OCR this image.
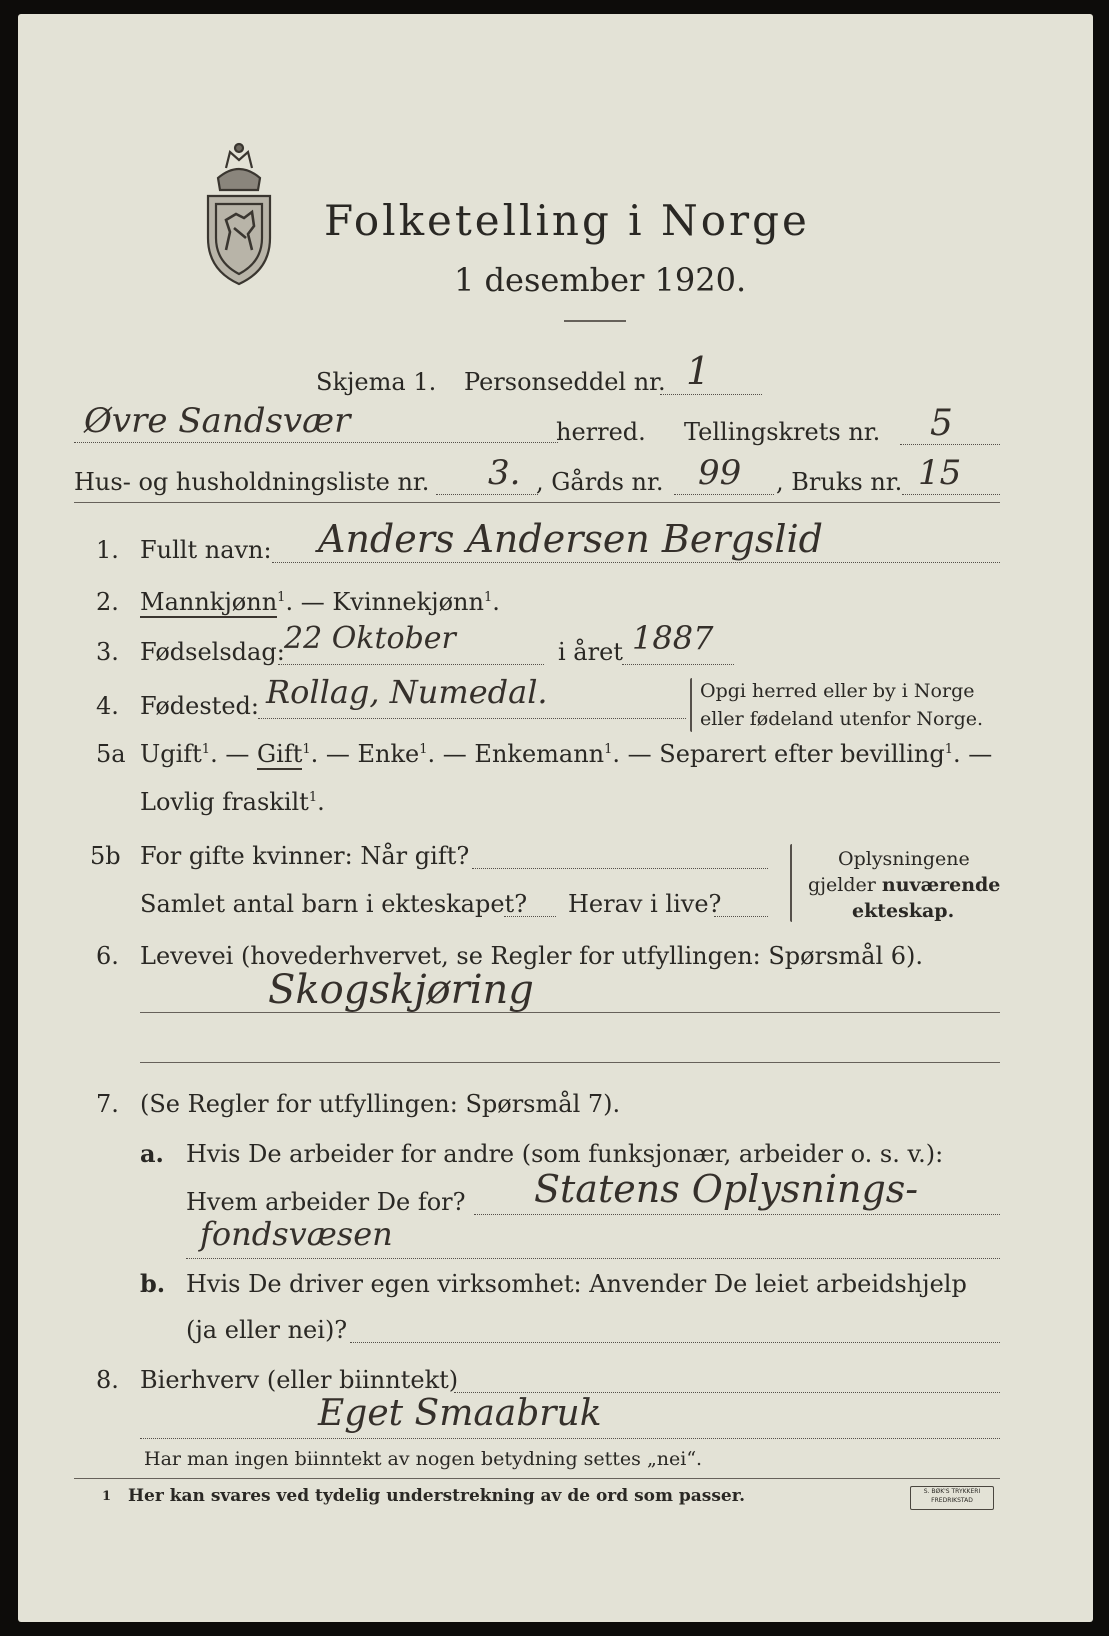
Folketelling i Norge
1 desember 1920.
Skjema 1. Personseddel nr. 1
Øvre Sandsvær	herred. Tellingskrets nr. 5
Hus- og husholdningsliste nr. 3. , Gårds nr. 99 , Bruks nr. 15
1. Fullt navn: Anders Andersen Bergslid
2. Mannkjønn$^1$. — Kvinnekjønn$^1$.
3. Fødselsdag: 22 Oktober	i året 1887
4. Fødested: Rollag, Numedal.	Opgi herred eller by i Norge
eller fødeland utenfor Norge.
5a Ugift$^1$. — Gift$^1$. — Enke$^1$. — Enkemann$^1$. — Separert efter bevilling$^1$. —
Lovlig fraskilt$^1$.
5b For gifte kvinner: Når gift?
Samlet antal barn i ekteskapet? Herav i live?
Oplysningene
gjelder nuværende
ekteskap.
6. Levevei (hovederhvervet, se Regler for utfyllingen: Spørsmål 6).
Skogskjøring
7. (Se Regler for utfyllingen: Spørsmål 7).
a. Hvis De arbeider for andre (som funksjonær, arbeider o. s. v.):
Hvem arbeider De for? Statens Oplysnings-
fondsvæsen
b. Hvis De driver egen virksomhet: Anvender De leiet arbeidshjelp
(ja eller nei)?
8. Bierhverv (eller biinntekt)
Eget Smaabruk
Har man ingen biinntekt av nogen betydning settes „nei“.
1 Her kan svares ved tydelig understrekning av de ord som passer.	S. BØK'S TRYKKERI
FREDRIKSTAD
